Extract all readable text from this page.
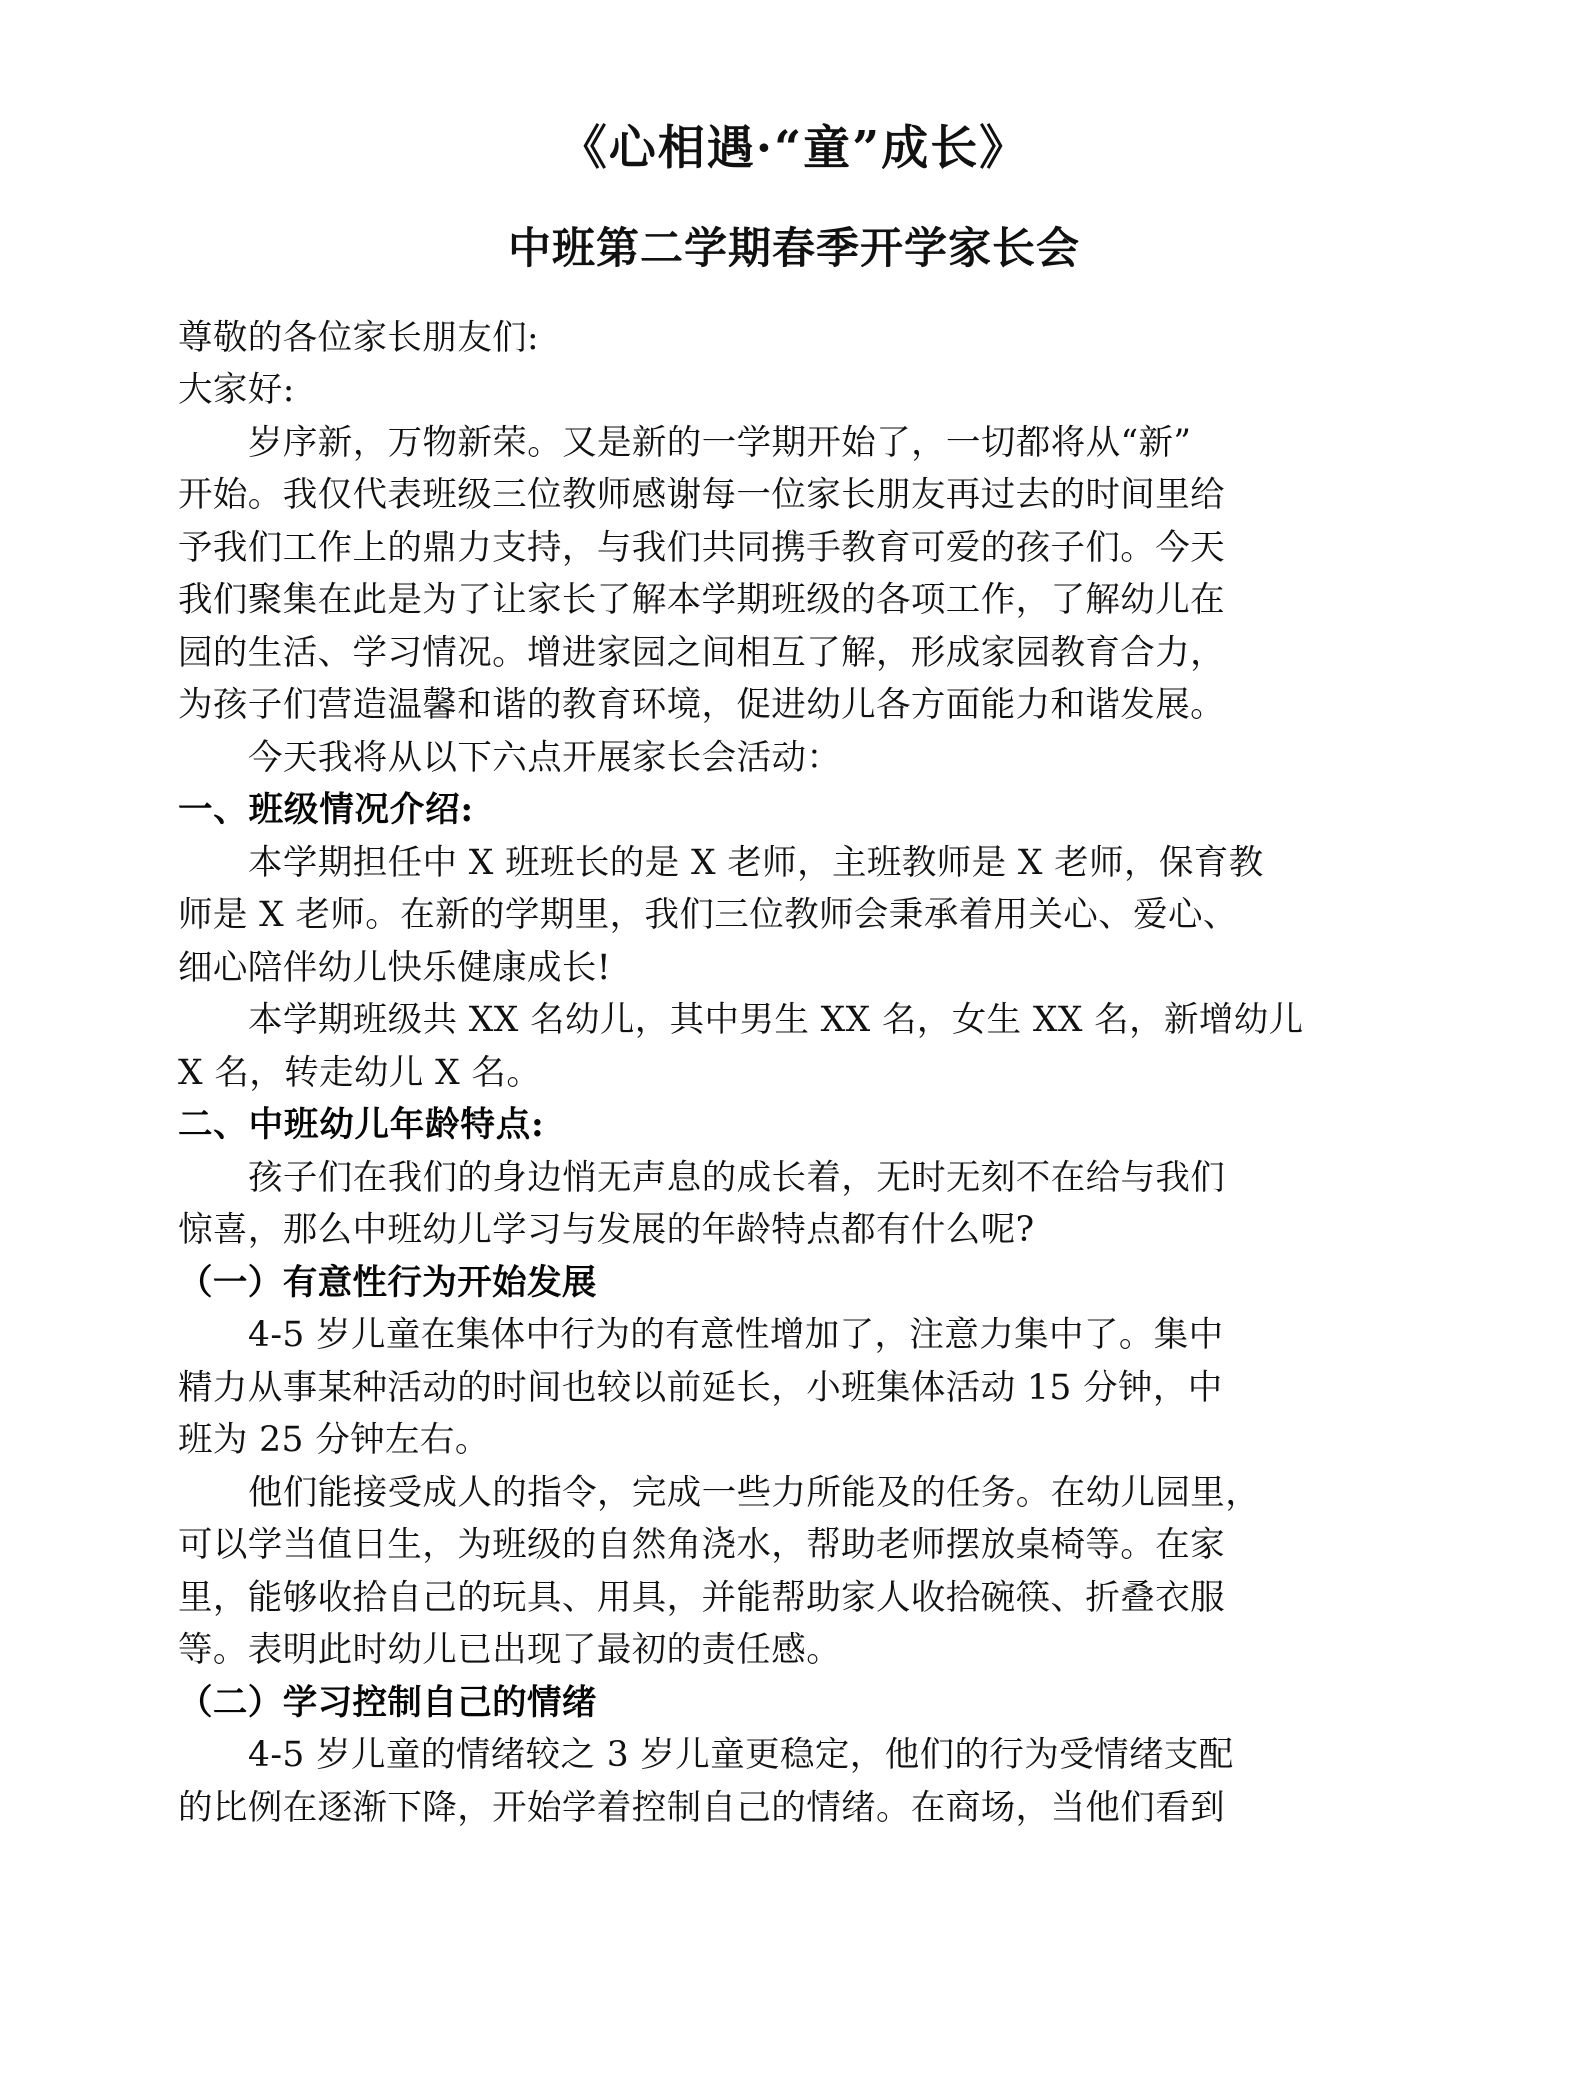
《心相遇·“童”成长》
中班第二学期春季开学家长会

尊敬的各位家长朋友们:

大家好:

岁序新，万物新荣。又是新的一学期开始了，一切都将从“新”

开始。我仅代表班级三位教师感谢每一位家长朋友再过去的时间里给

予我们工作上的鼎力支持，与我们共同携手教育可爱的孩子们。今天

我们聚集在此是为了让家长了解本学期班级的各项工作，了解幼儿在

园的生活、学习情况。增进家园之间相互了解，形成家园教育合力，

为孩子们营造温馨和谐的教育环境，促进幼儿各方面能力和谐发展。

今天我将从以下六点开展家长会活动：

一、班级情况介绍:

本学期担任中 X 班班长的是 X 老师，主班教师是 X 老师，保育教

师是 X 老师。在新的学期里，我们三位教师会秉承着用关心、爱心、

细心陪伴幼儿快乐健康成长!

本学期班级共 XX 名幼儿，其中男生 XX 名，女生 XX 名，新增幼儿

X 名，转走幼儿 X 名。

二、中班幼儿年龄特点:

孩子们在我们的身边悄无声息的成长着，无时无刻不在给与我们

惊喜，那么中班幼儿学习与发展的年龄特点都有什么呢?

（一）有意性行为开始发展

4-5 岁儿童在集体中行为的有意性增加了，注意力集中了。集中

精力从事某种活动的时间也较以前延长，小班集体活动 15 分钟，中

班为 25 分钟左右。

他们能接受成人的指令，完成一些力所能及的任务。在幼儿园里，

可以学当值日生，为班级的自然角浇水，帮助老师摆放桌椅等。在家

里，能够收拾自己的玩具、用具，并能帮助家人收拾碗筷、折叠衣服

等。表明此时幼儿已出现了最初的责任感。

（二）学习控制自己的情绪

4-5 岁儿童的情绪较之 3 岁儿童更稳定，他们的行为受情绪支配

的比例在逐渐下降，开始学着控制自己的情绪。在商场，当他们看到
